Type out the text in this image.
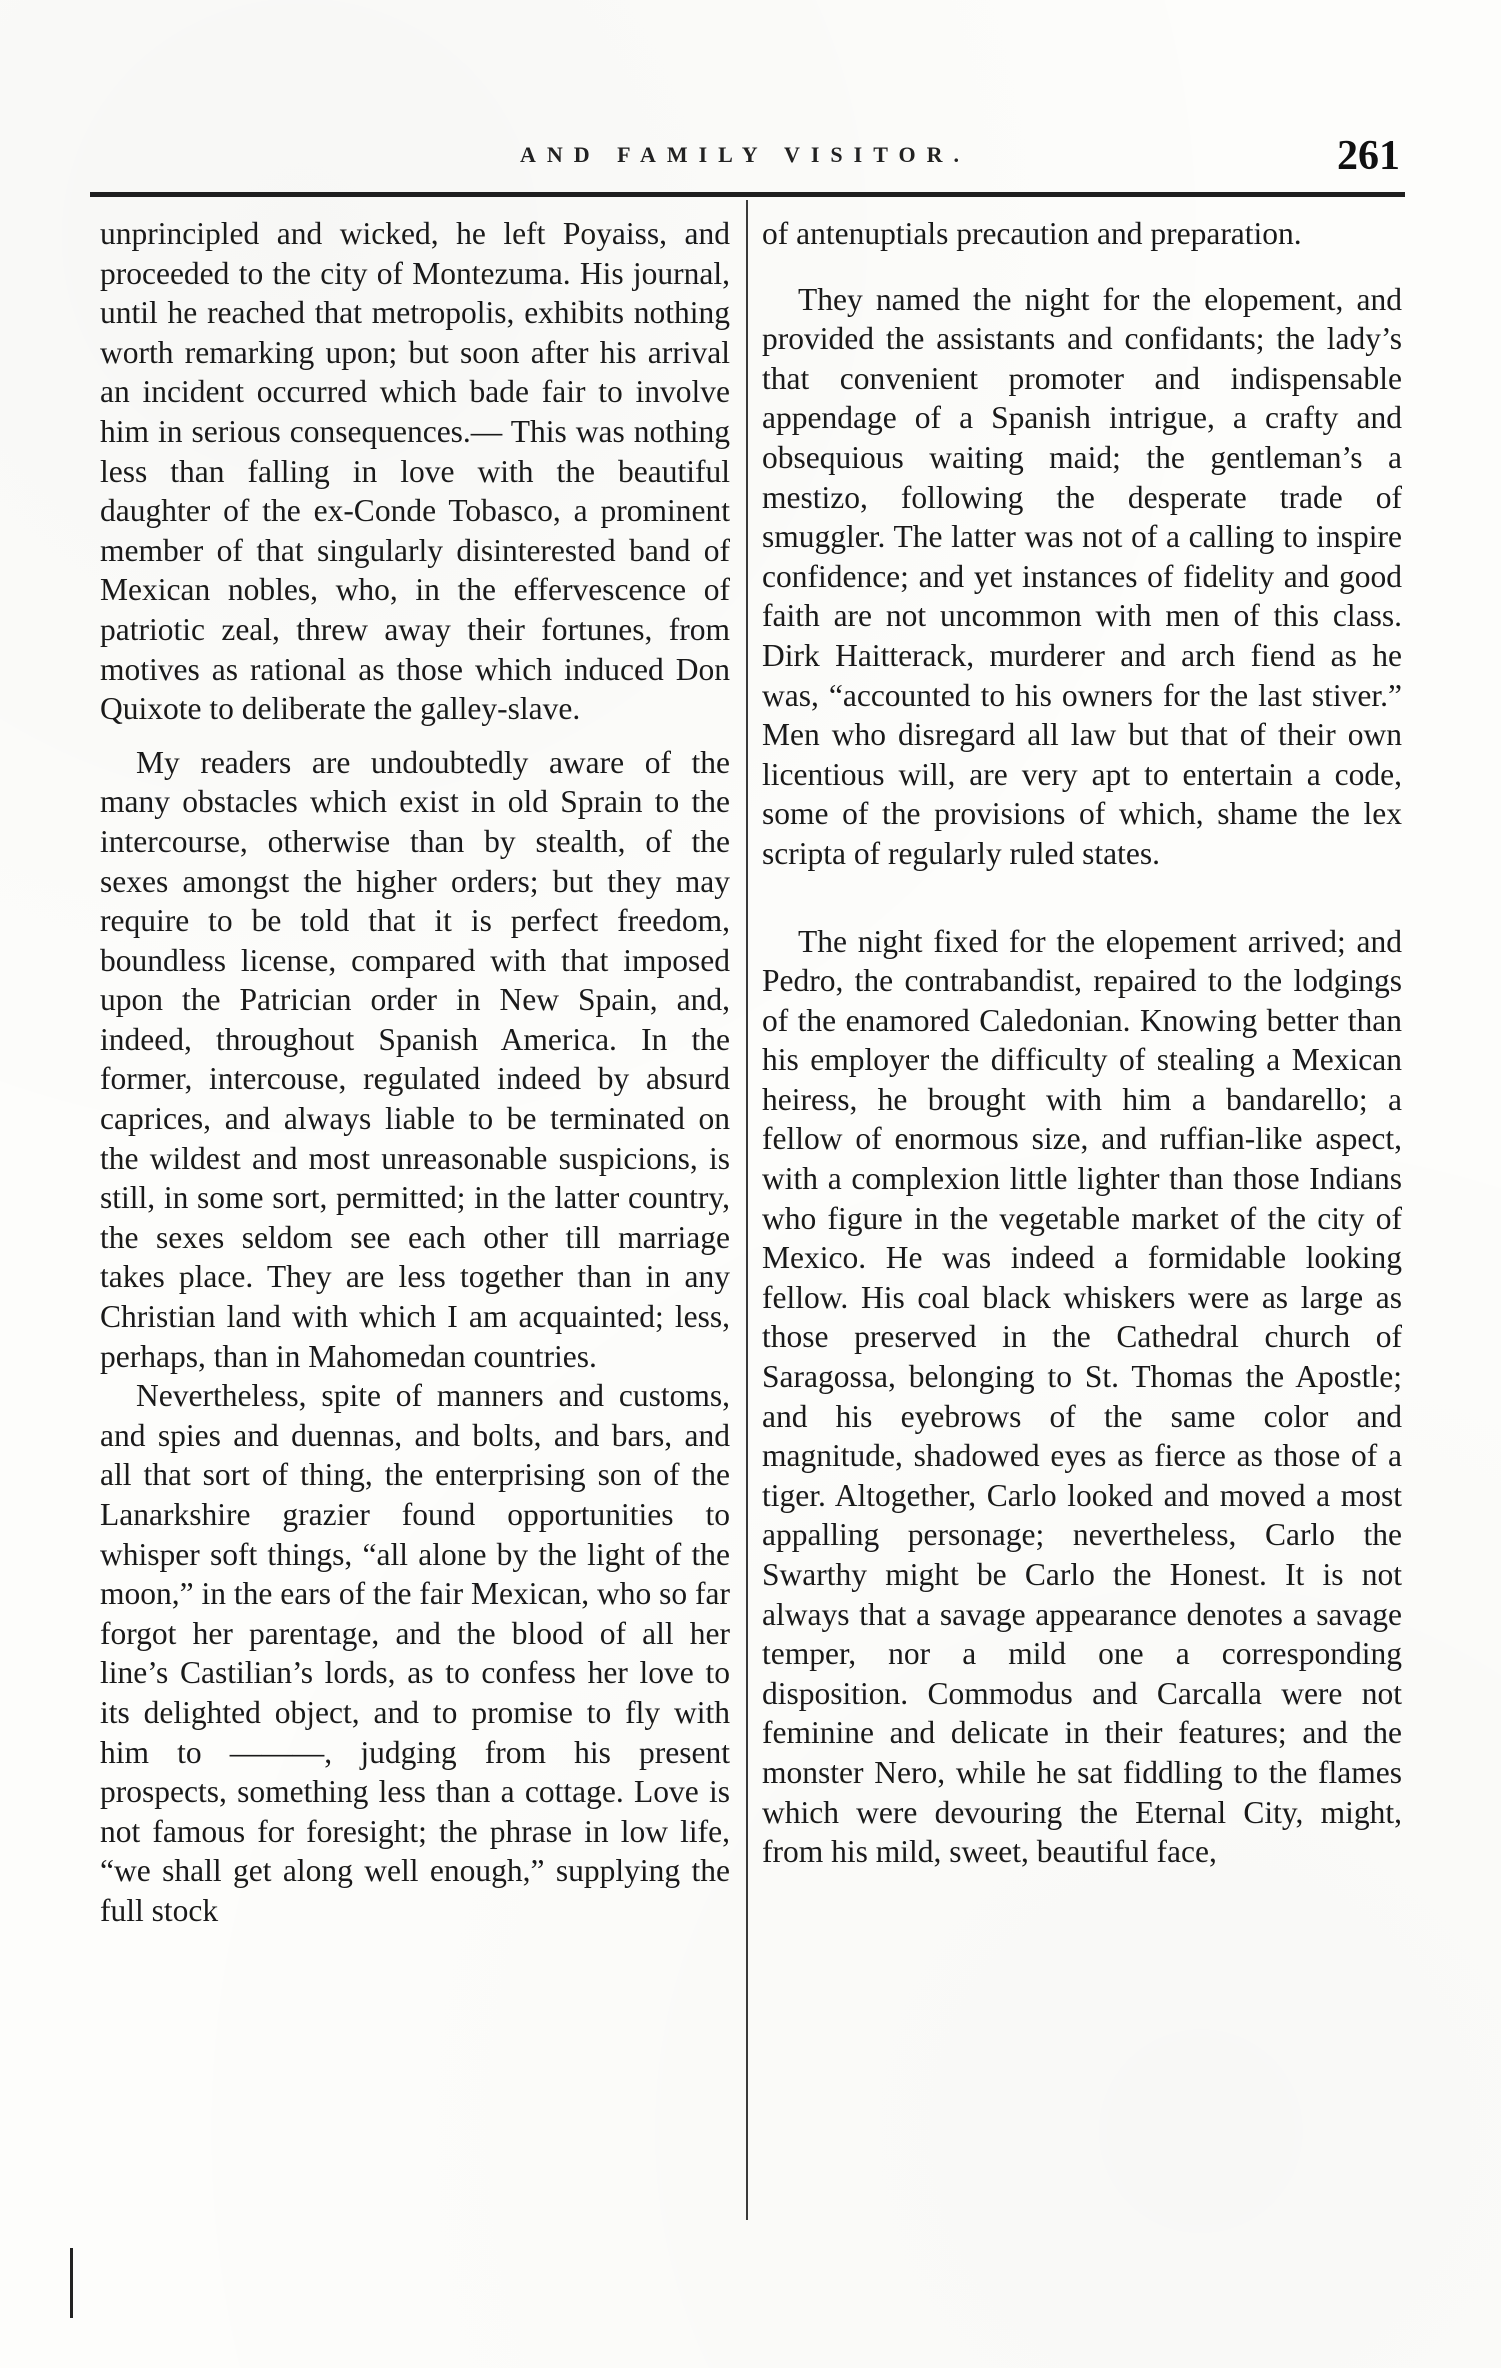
AND FAMILY VISITOR.	261

unprincipled and wicked, he left Poyaiss, and proceeded to the city of Montezuma. His journal, until he reached that metropolis, exhibits nothing worth remarking upon; but soon after his arrival an incident occurred which bade fair to involve him in serious consequences.— This was nothing less than falling in love with the beautiful daughter of the ex-Conde Tobasco, a prominent member of that singularly disinterested band of Mexican nobles, who, in the effervescence of patriotic zeal, threw away their fortunes, from motives as rational as those which induced Don Quixote to deliberate the galley-slave.

My readers are undoubtedly aware of the many obstacles which exist in old Sprain to the intercourse, otherwise than by stealth, of the sexes amongst the higher orders; but they may require to be told that it is perfect freedom, boundless license, compared with that imposed upon the Patrician order in New Spain, and, indeed, throughout Spanish America. In the former, intercouse, regulated indeed by absurd caprices, and always liable to be terminated on the wildest and most unreasonable suspicions, is still, in some sort, permitted; in the latter country, the sexes seldom see each other till marriage takes place. They are less together than in any Christian land with which I am acquainted; less, perhaps, than in Mahomedan countries.

Nevertheless, spite of manners and customs, and spies and duennas, and bolts, and bars, and all that sort of thing, the enterprising son of the Lanarkshire grazier found opportunities to whisper soft things, “all alone by the light of the moon,” in the ears of the fair Mexican, who so far forgot her parentage, and the blood of all her line’s Castilian’s lords, as to confess her love to its delighted object, and to promise to fly with him to ———, judging from his present prospects, something less than a cottage. Love is not famous for foresight; the phrase in low life, “we shall get along well enough,” supplying the full stock

of antenuptials precaution and preparation.

They named the night for the elopement, and provided the assistants and confidants; the lady’s that convenient promoter and indispensable appendage of a Spanish intrigue, a crafty and obsequious waiting maid; the gentleman’s a mestizo, following the desperate trade of smuggler. The latter was not of a calling to inspire confidence; and yet instances of fidelity and good faith are not uncommon with men of this class. Dirk Haitterack, murderer and arch fiend as he was, “accounted to his owners for the last stiver.” Men who disregard all law but that of their own licentious will, are very apt to entertain a code, some of the provisions of which, shame the lex scripta of regularly ruled states.

The night fixed for the elopement arrived; and Pedro, the contrabandist, repaired to the lodgings of the enamored Caledonian. Knowing better than his employer the difficulty of stealing a Mexican heiress, he brought with him a bandarello; a fellow of enormous size, and ruffian-like aspect, with a complexion little lighter than those Indians who figure in the vegetable market of the city of Mexico. He was indeed a formidable looking fellow. His coal black whiskers were as large as those preserved in the Cathedral church of Saragossa, belonging to St. Thomas the Apostle; and his eyebrows of the same color and magnitude, shadowed eyes as fierce as those of a tiger. Altogether, Carlo looked and moved a most appalling personage; nevertheless, Carlo the Swarthy might be Carlo the Honest. It is not always that a savage appearance denotes a savage temper, nor a mild one a corresponding disposition. Commodus and Carcalla were not feminine and delicate in their features; and the monster Nero, while he sat fiddling to the flames which were devouring the Eternal City, might, from his mild, sweet, beautiful face,
